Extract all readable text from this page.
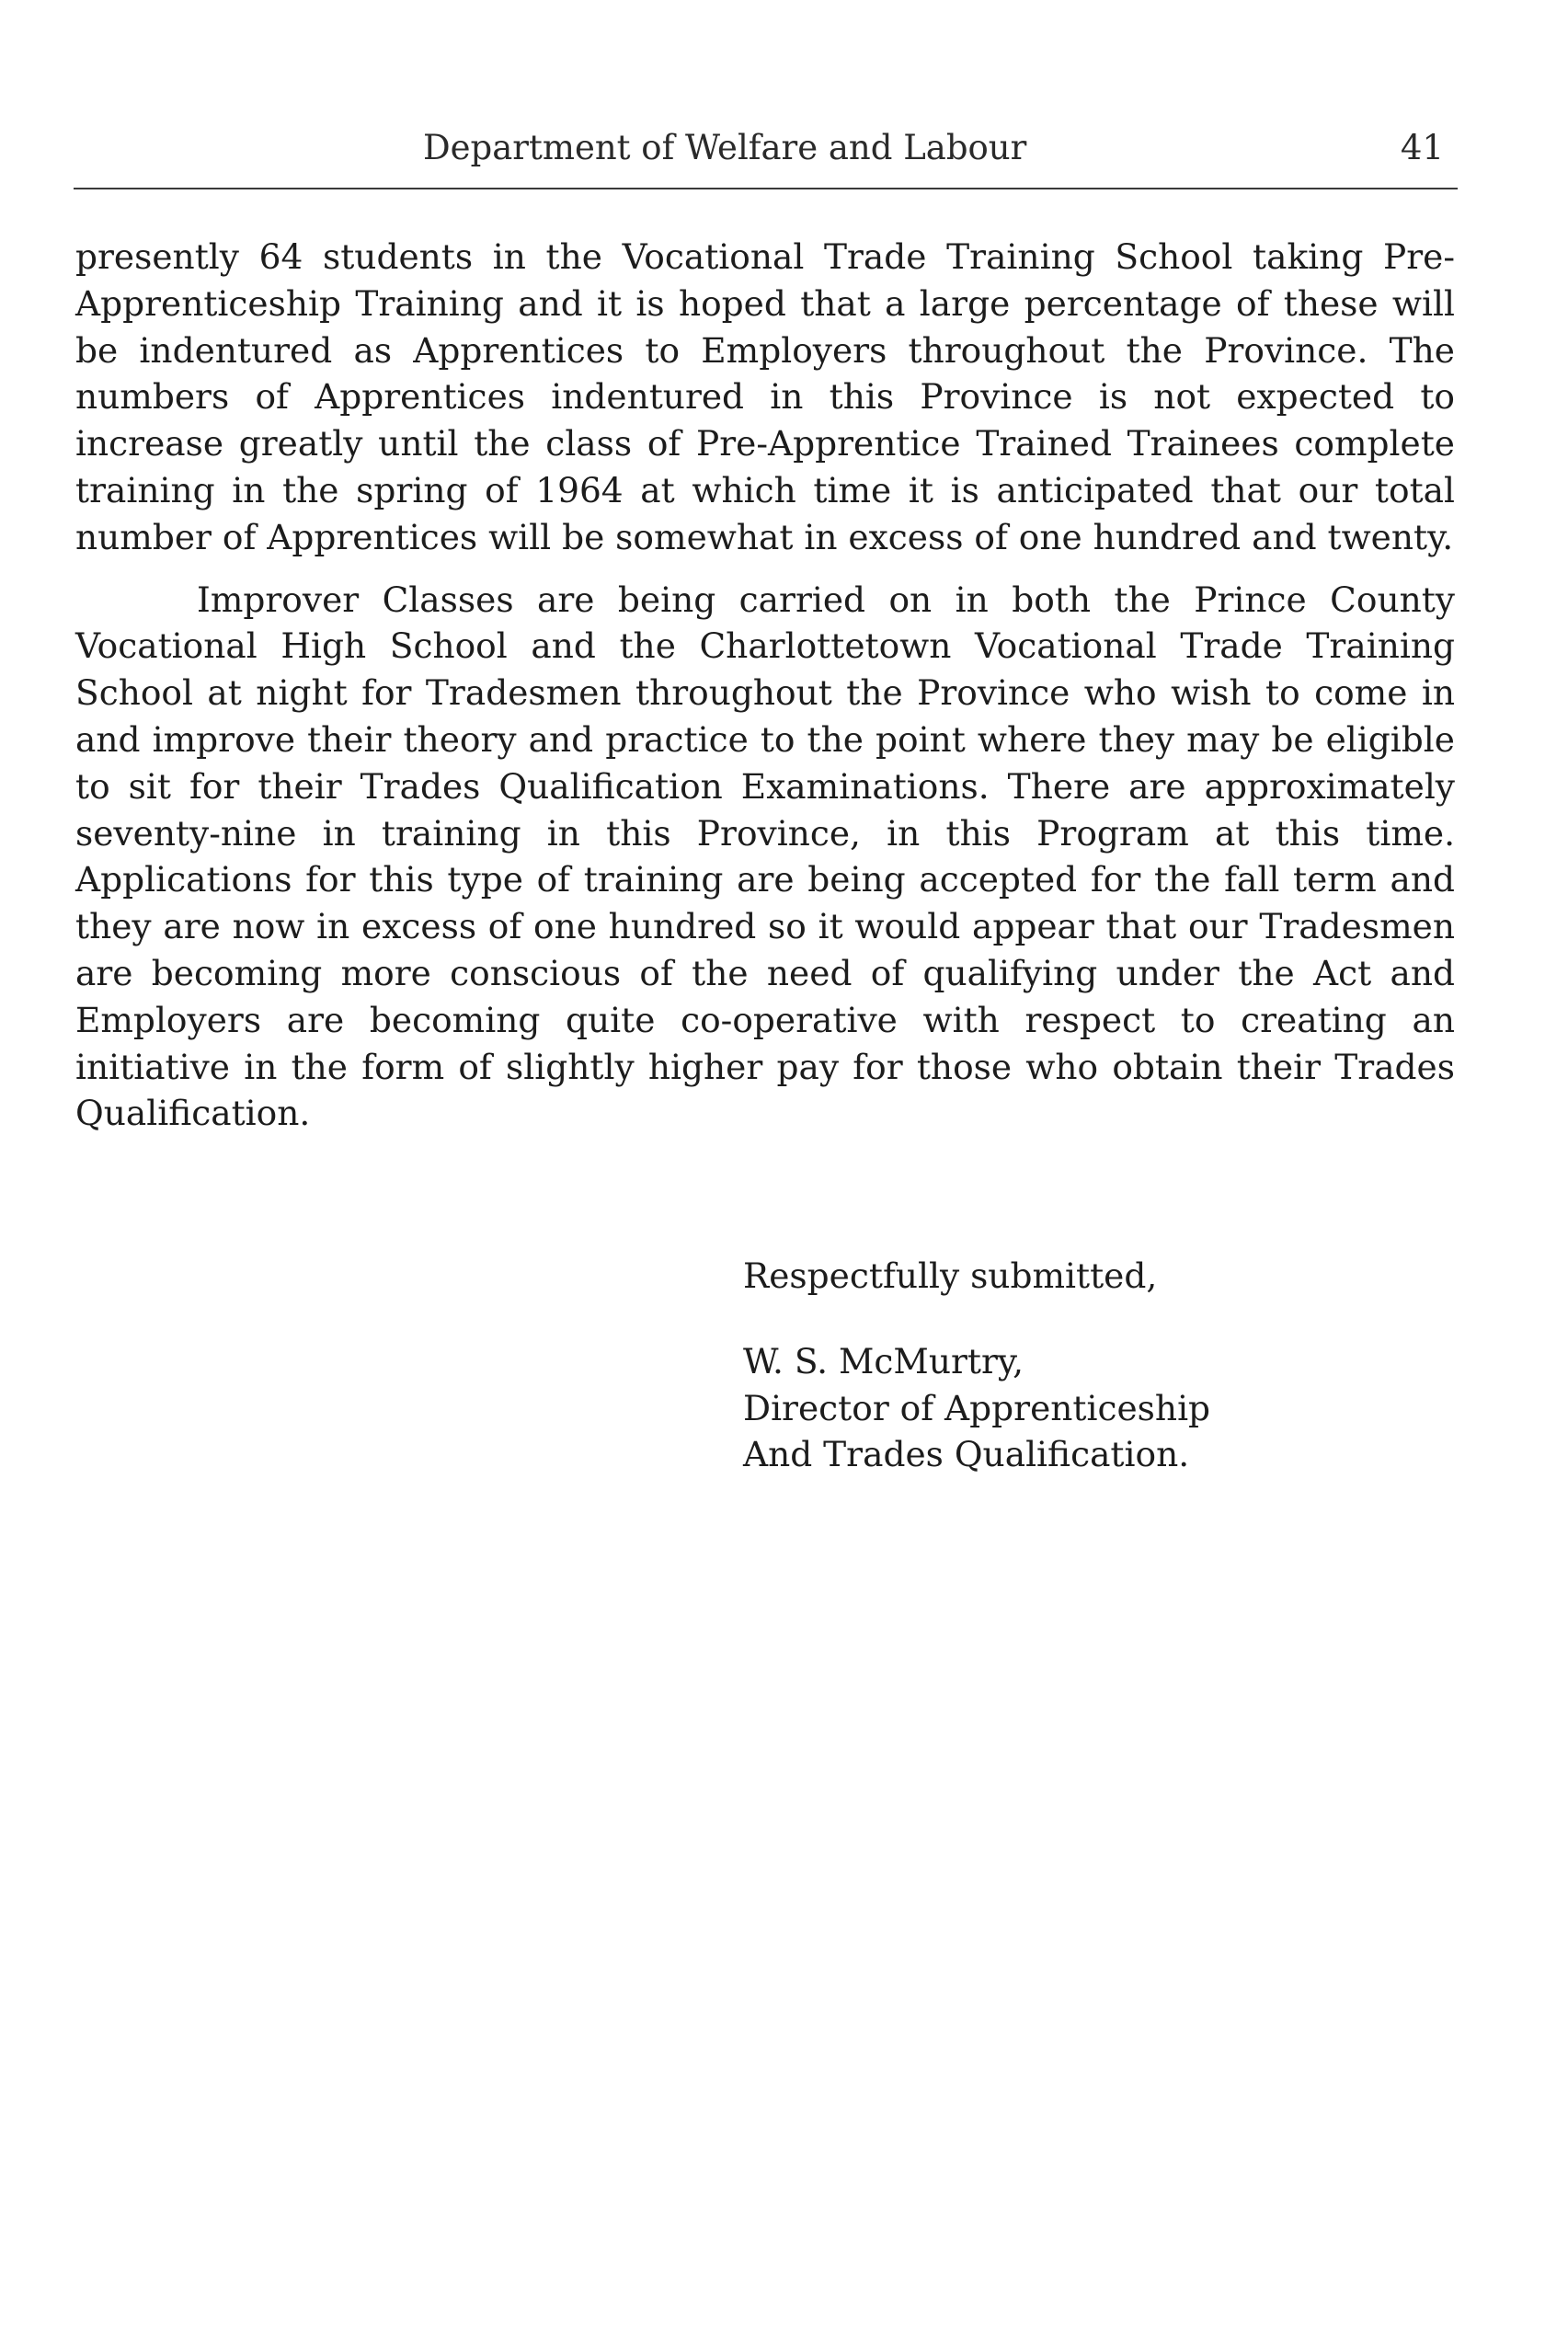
Department of Welfare and Labour	41

presently 64 students in the Vocational Trade Training School taking Pre-Apprenticeship Training and it is hoped that a large percentage of these will be indentured as Apprentices to Employers throughout the Province. The numbers of Apprentices indentured in this Province is not expected to increase greatly until the class of Pre-Apprentice Trained Trainees complete training in the spring of 1964 at which time it is anticipated that our total number of Apprentices will be somewhat in excess of one hundred and twenty.

Improver Classes are being carried on in both the Prince County Vocational High School and the Charlottetown Vocational Trade Training School at night for Tradesmen throughout the Province who wish to come in and improve their theory and practice to the point where they may be eligible to sit for their Trades Qualification Examinations. There are approximately seventy-nine in training in this Province, in this Program at this time. Applications for this type of training are being accepted for the fall term and they are now in excess of one hundred so it would appear that our Tradesmen are becoming more conscious of the need of qualifying under the Act and Employers are becoming quite co-operative with respect to creating an initiative in the form of slightly higher pay for those who obtain their Trades Qualification.

Respectfully submitted,
W. S. McMurtry,
Director of Apprenticeship
And Trades Qualification.
